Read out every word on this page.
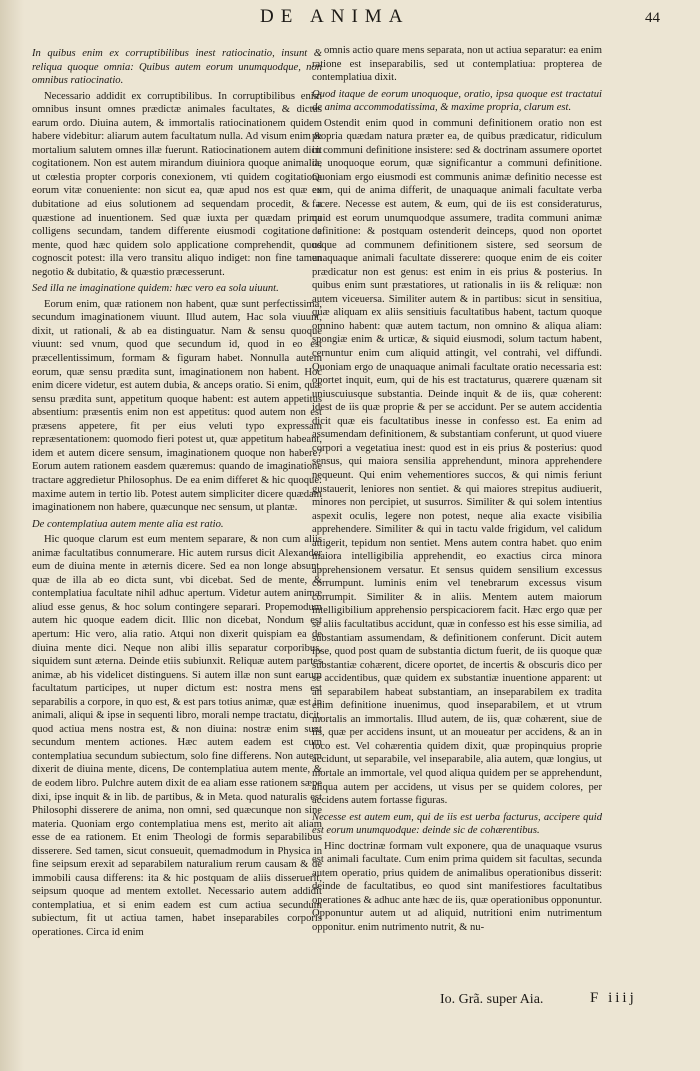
DE ANIMA	44

In quibus enim ex corruptibilibus inest ratiocinatio, insunt & reliqua quoque omnia: Quibus autem eorum unumquodque, non omnibus ratiocinatio.

Necessario addidit ex corruptibilibus. In corruptibilibus enim omnibus insunt omnes prædictæ animales facultates, & dictus earum ordo. Diuina autem, & immortalis ratiocinationem quidem habere videbitur: aliarum autem facultatum nulla. Ad visum enim & mortalium salutem omnes illæ fuerunt. Ratiocinationem autem dicit cogitationem. Non est autem mirandum diuiniora quoque animalia, ut cœlestia propter corporis conexionem, vti quidem cogitatione eorum vitæ conueniente: non sicut ea, quæ apud nos est quæ ex dubitatione ad eius solutionem ad sequendam procedit, & a quæstione ad inuentionem. Sed quæ iuxta per quædam prima colligens secundam, tandem differente eiusmodi cogitatione a mente, quod hæc quidem solo applicatione comprehendit, quod cognoscit potest: illa vero transitu aliquo indiget: non fine tamen negotio & dubitatio, & quæstio præcesserunt.

Sed illa ne imaginatione quidem: hæc vero ea sola uiuunt.

Eorum enim, quæ rationem non habent, quæ sunt perfectissima, secundum imaginationem viuunt. Illud autem, Hac sola viuunt, dixit, ut rationali, & ab ea distinguatur. Nam & sensu quoque viuunt: sed vnum, quod que secundum id, quod in eo est præcellentissimum, formam & figuram habet. Nonnulla autem eorum, quæ sensu prædita sunt, imaginationem non habent. Hoc enim dicere videtur, est autem dubia, & anceps oratio. Si enim, quæ sensu prædita sunt, appetitum quoque habent: est autem appetitus absentium: præsentis enim non est appetitus: quod autem non est præsens appetere, fit per eius veluti typo expressam repræsentationem: quomodo fieri potest ut, quæ appetitum habeant, idem et autem dicere sensum, imaginationem quoque non habere? Eorum autem rationem easdem quæremus: quando de imaginatione tractare aggredietur Philosophus. De ea enim differet & hic quoque: maxime autem in tertio lib. Potest autem simpliciter dicere quædam imaginationem non habere, quæcunque nec sensum, ut plantæ.

De contemplatiua autem mente alia est ratio.

Hic quoque clarum est eum mentem separare, & non cum aliis animæ facultatibus connumerare. Hic autem rursus dicit Alexander eum de diuina mente in æternis dicere. Sed ea non longe absunt, quæ de illa ab eo dicta sunt, vbi dicebat. Sed de mente, & contemplatiua facultate nihil adhuc apertum. Videtur autem animæ aliud esse genus, & hoc solum contingere separari. Propemodum autem hic quoque eadem dicit. Illic non dicebat, Nondum est apertum: Hic vero, alia ratio. Atqui non dixerit quispiam ea de diuina mente dici. Neque non alibi illis separatur corporibus, siquidem sunt æterna. Deinde etiis subiunxit. Reliquæ autem partes animæ, ab his videlicet distinguens. Si autem illæ non sunt earum facultatum participes, ut nuper dictum est: nostra mens est separabilis a corpore, in quo est, & est pars totius animæ, quæ est in animali, aliqui & ipse in sequenti libro, morali nempe tractatu, dicit, quod actiua mens nostra est, & non diuina: nostræ enim sunt secundum mentem actiones. Hæc autem eadem est cum contemplatiua secundum subiectum, solo fine differens. Non autem dixerit de diuina mente, dicens, De contemplatiua autem mente, & de eodem libro. Pulchre autem dixit de ea aliam esse rationem sæpe dixi, ipse inquit & in lib. de partibus, & in Meta. quod naturalis est Philosophi disserere de anima, non omni, sed quæcunque non sine materia. Quoniam ergo contemplatiua mens est, merito ait aliam esse de ea rationem. Et enim Theologi de formis separabilibus disserere. Sed tamen, sicut consueuit, quemadmodum in Physica in fine seipsum erexit ad separabilem naturalium rerum causam & de immobili causa differens: ita & hic postquam de aliis disseruerit, seipsum quoque ad mentem extollet. Necessario autem addidit contemplatiua, et si enim eadem est cum actiua secundum subiectum, fit ut actiua tamen, habet inseparabiles corporis operationes. Circa id enim

omnis actio quare mens separata, non ut actiua separatur: ea enim ratione est inseparabilis, sed ut contemplatiua: propterea de contemplatiua dixit.

Quod itaque de eorum unoquoque, oratio, ipsa quoque est tractatui de anima accommodatissima, & maxime propria, clarum est.

Ostendit enim quod in communi definitionem oratio non est propria quædam natura præter ea, de quibus prædicatur, ridiculum in communi definitione insistere: sed & doctrinam assumere oportet de unoquoque eorum, quæ significantur a communi definitione. Quoniam ergo eiusmodi est communis animæ definitio necesse est eum, qui de anima differit, de unaquaque animali facultate verba facere. Necesse est autem, & eum, qui de iis est consideraturus, quid est eorum unumquodque assumere, tradita communi animæ definitione: & postquam ostenderit deinceps, quod non oportet usque ad communem definitionem sistere, sed seorsum de unaquaque animali facultate disserere: quoque enim de eis coiter prædicatur non est genus: est enim in eis prius & posterius. In quibus enim sunt præstatiores, ut rationalis in iis & reliquæ: non autem viceuersa. Similiter autem & in partibus: sicut in sensitiua, quæ aliquam ex aliis sensitiuis facultatibus habent, tactum quoque omnino habent: quæ autem tactum, non omnino & aliqua aliam: spongiæ enim & urticæ, & siquid eiusmodi, solum tactum habent, cernuntur enim cum aliquid attingit, vel contrahi, vel diffundi. Quoniam ergo de unaquaque animali facultate oratio necessaria est: oportet inquit, eum, qui de his est tractaturus, quærere quænam sit uniuscuiusque substantia. Deinde inquit & de iis, quæ coherent: idest de iis quæ proprie & per se accidunt. Per se autem accidentia dicit quæ eis facultatibus inesse in confesso est. Ea enim ad assumendam definitionem, & substantiam conferunt, ut quod viuere corpori a vegetatiua inest: quod est in eis prius & posterius: quod sensus, qui maiora sensilia apprehendunt, minora apprehendere nequeunt. Qui enim vehementiores succos, & qui nimis feriunt gustauerit, leniores non sentiet. & qui maiores strepitus audiuerit, minores non percipiet, ut susurros. Similiter & qui solem intentius aspexit oculis, legere non potest, neque alia exacte visibilia apprehendere. Similiter & qui in tactu valde frigidum, vel calidum attigerit, tepidum non sentiet. Mens autem contra habet. quo enim maiora intelligibilia apprehendit, eo exactius circa minora apprehensionem versatur. Et sensus quidem sensilium excessus corrumpunt. luminis enim vel tenebrarum excessus visum corrumpit. Similiter & in aliis. Mentem autem maiorum intelligibilium apprehensio perspicaciorem facit. Hæc ergo quæ per se aliis facultatibus accidunt, quæ in confesso est his esse similia, ad substantiam assumendam, & definitionem conferunt. Dicit autem ipse, quod post quam de substantia dictum fuerit, de iis quoque quæ substantiæ cohærent, dicere oportet, de incertis & obscuris dico per se accidentibus, quæ quidem ex substantiæ inuentione apparent: ut an separabilem habeat substantiam, an inseparabilem ex tradita enim definitione inuenimus, quod inseparabilem, et ut vtrum mortalis an immortalis. Illud autem, de iis, quæ cohærent, siue de iis, quæ per accidens insunt, ut an moueatur per accidens, & an in loco est. Vel cohærentia quidem dixit, quæ propinquius proprie accidunt, ut separabile, vel inseparabile, alia autem, quæ longius, ut mortale an immortale, vel quod aliqua quidem per se apprehendunt, aliqua autem per accidens, ut visus per se quidem colores, per accidens autem fortasse figuras.

Necesse est autem eum, qui de iis est uerba facturus, accipere quid est eorum unumquodque: deinde sic de cohærentibus.

Hinc doctrinæ formam vult exponere, qua de unaquaque vsurus est animali facultate. Cum enim prima quidem sit facultas, secunda autem operatio, prius quidem de animalibus operationibus disserit: deinde de facultatibus, eo quod sint manifestiores facultatibus operationes & adhuc ante hæc de iis, quæ operationibus opponuntur. Opponuntur autem ut ad aliquid, nutritioni enim nutrimentum opponitur. enim nutrimento nutrit, & nu-

Io. Grã. super Aia.	F iiij
